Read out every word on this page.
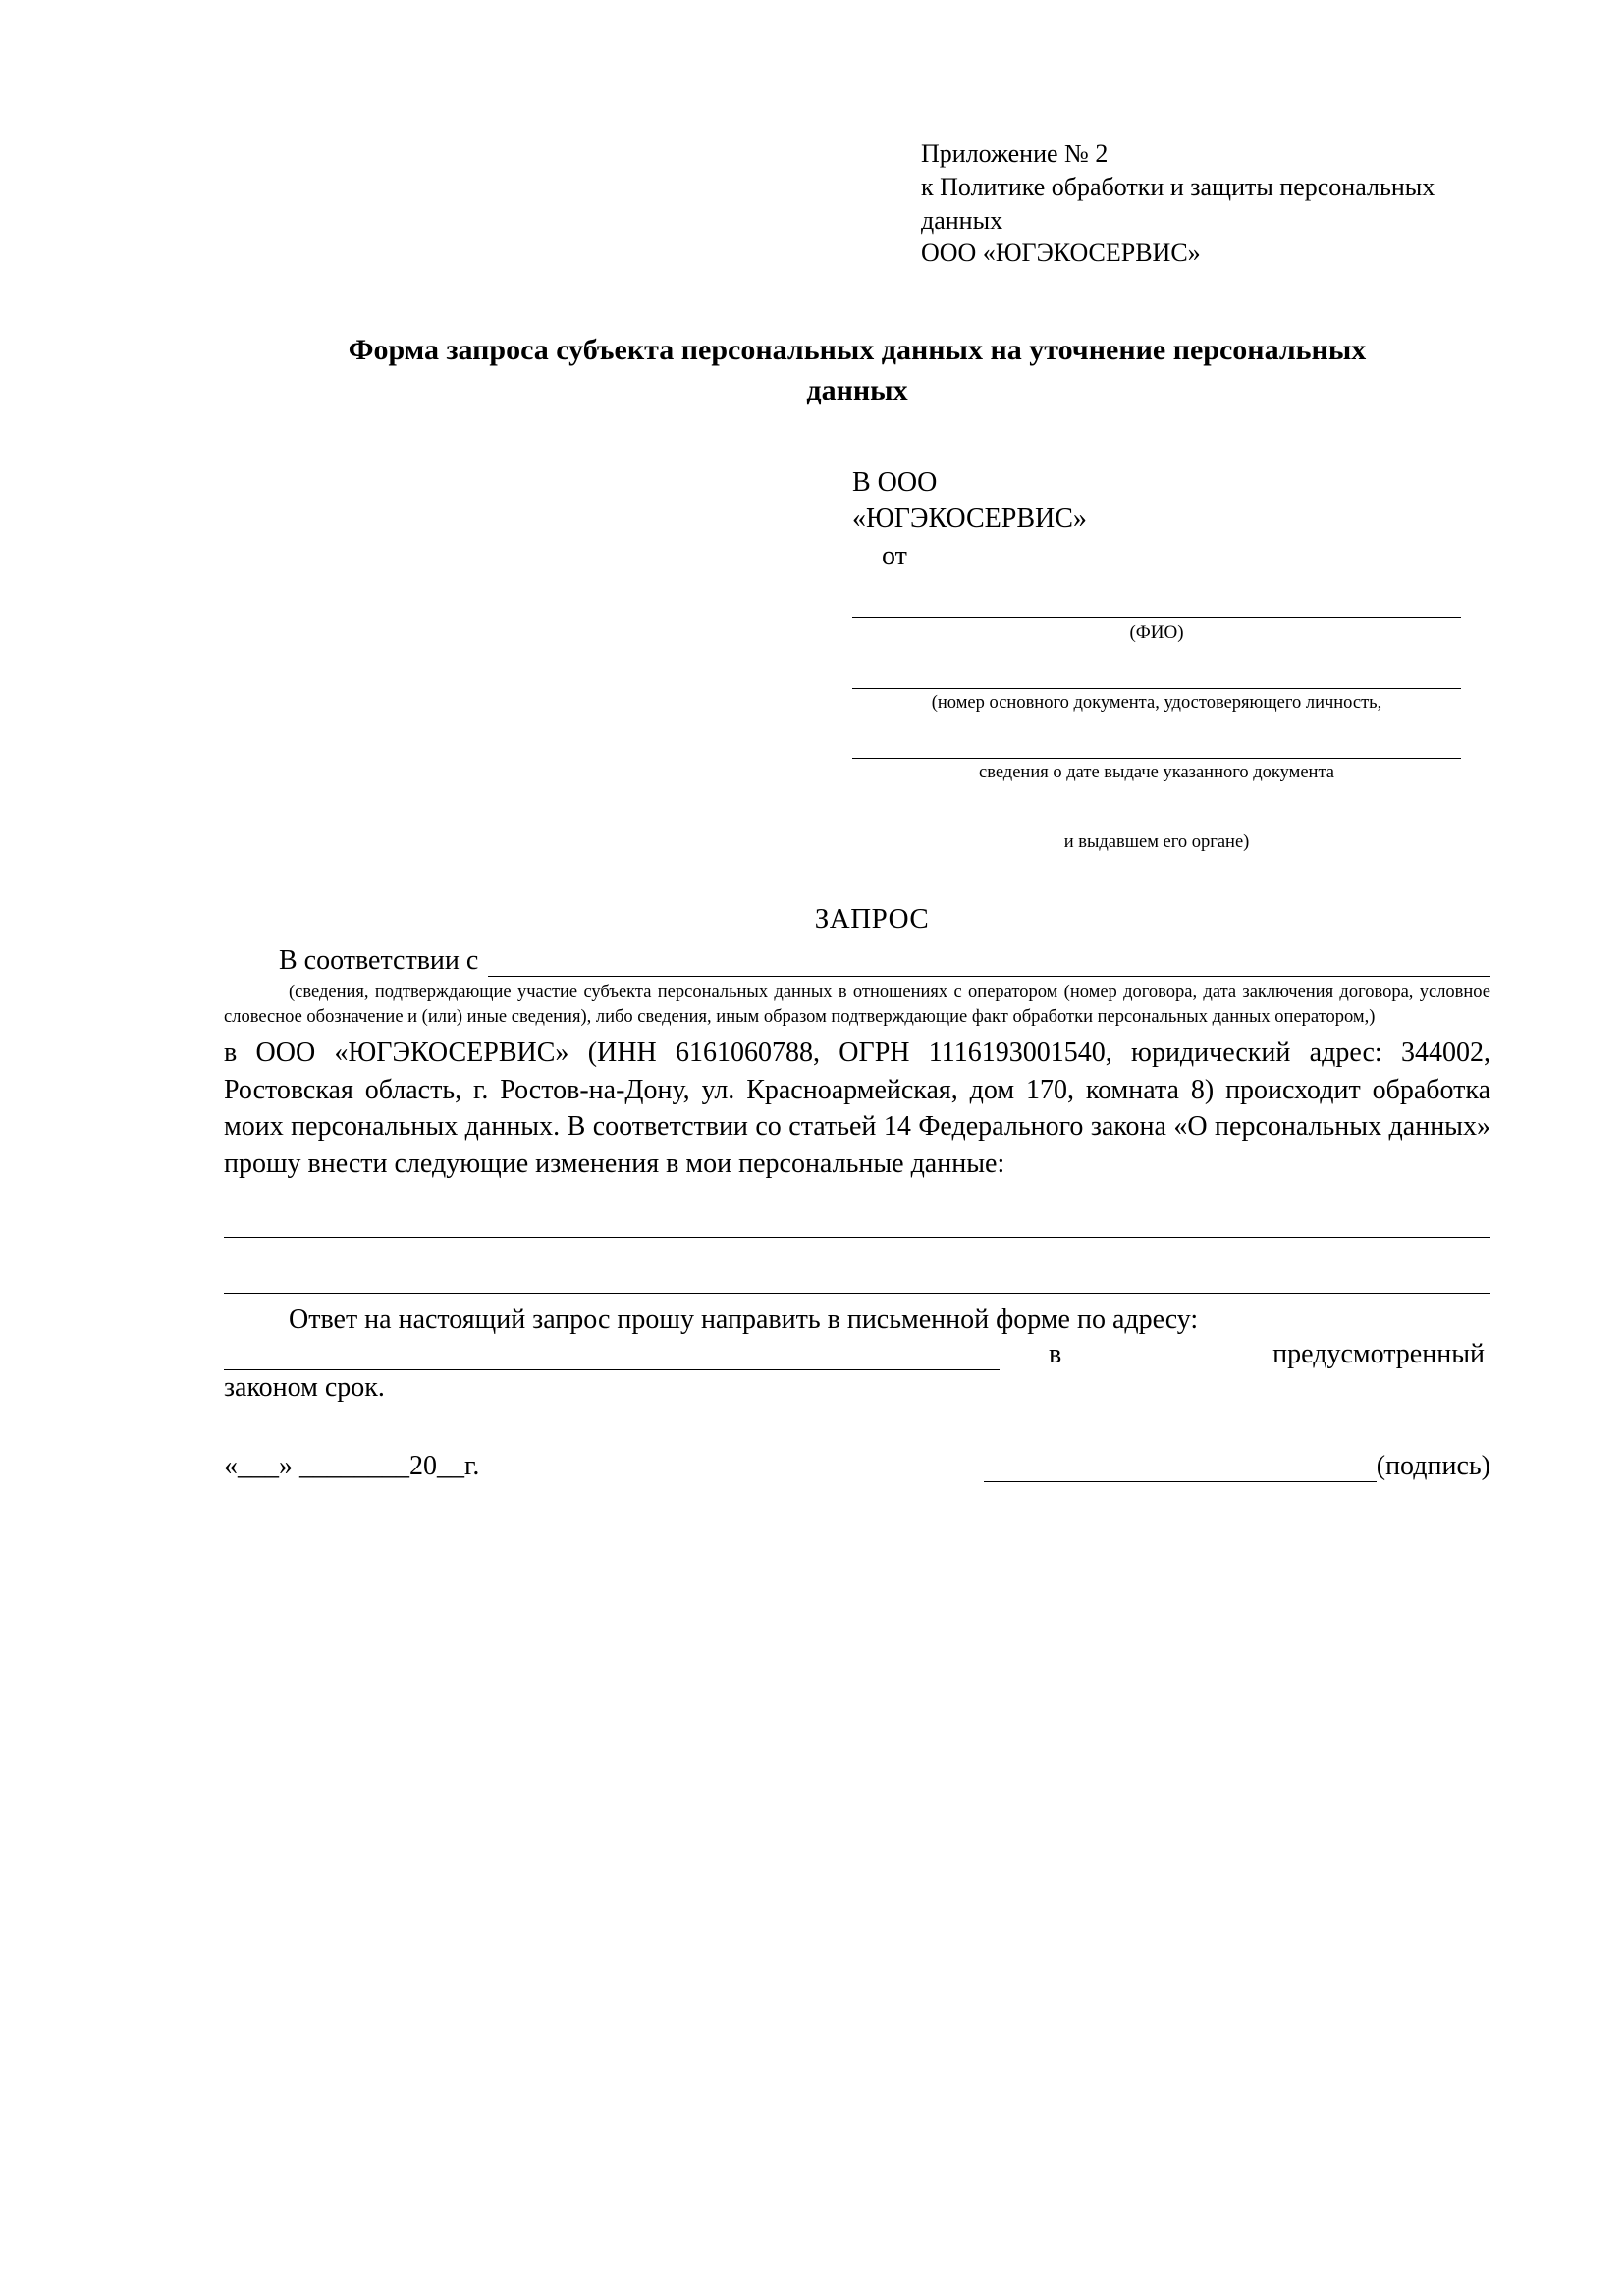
Приложение № 2
к Политике обработки и защиты персональных данных
ООО «ЮГЭКОСЕРВИС»
Форма запроса субъекта персональных данных на уточнение персональных данных
В ООО
«ЮГЭКОСЕРВИС»
от
(ФИО)
(номер основного документа, удостоверяющего личность,
сведения о дате выдаче указанного документа
и выдавшем его органе)
ЗАПРОС
В соответствии с
(сведения, подтверждающие участие субъекта персональных данных в отношениях с оператором (номер договора, дата заключения договора, условное словесное обозначение и (или) иные сведения), либо сведения, иным образом подтверждающие факт обработки персональных данных оператором,)
в ООО «ЮГЭКОСЕРВИС» (ИНН 6161060788, ОГРН 1116193001540, юридический адрес: 344002, Ростовская область, г. Ростов-на-Дону, ул. Красноармейская, дом 170, комната 8) происходит обработка моих персональных данных. В соответствии со статьей 14 Федерального закона «О персональных данных» прошу внести следующие изменения в мои персональные данные:
Ответ на настоящий запрос прошу направить в письменной форме по адресу:
в	предусмотренный
законом срок.
«___» ________20__г.	(подпись)
